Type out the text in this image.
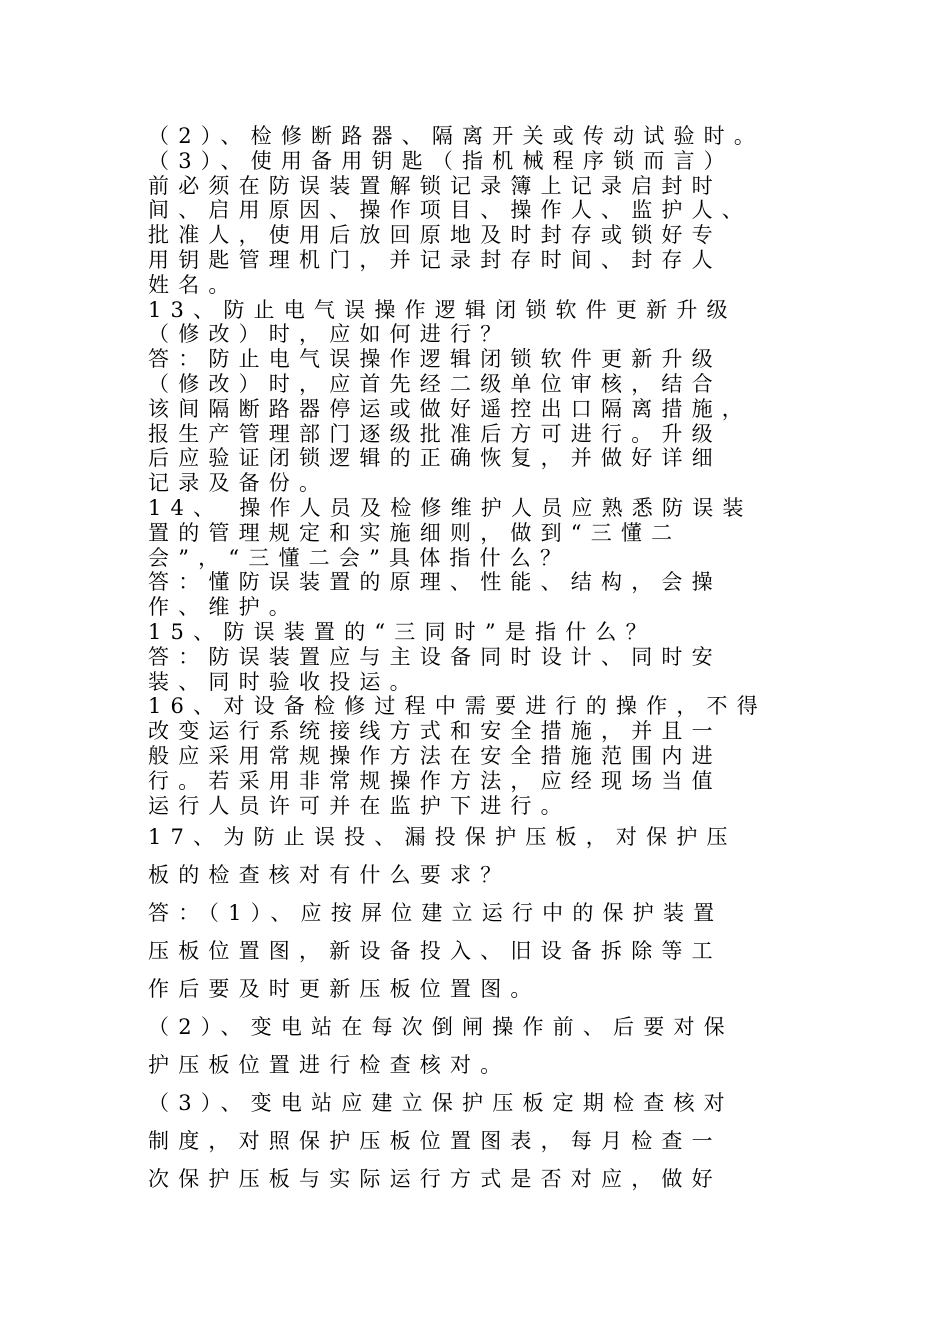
（2）、检修断路器、隔离开关或传动试验时。
（3）、使用备用钥匙（指机械程序锁而言）
前必须在防误装置解锁记录簿上记录启封时
间、启用原因、操作项目、操作人、监护人、
批准人，使用后放回原地及时封存或锁好专
用钥匙管理机门，并记录封存时间、封存人
姓名。
13、防止电气误操作逻辑闭锁软件更新升级
（修改）时，应如何进行？
答：防止电气误操作逻辑闭锁软件更新升级
（修改）时，应首先经二级单位审核，结合
该间隔断路器停运或做好遥控出口隔离措施，
报生产管理部门逐级批准后方可进行。升级
后应验证闭锁逻辑的正确恢复，并做好详细
记录及备份。
14、 操作人员及检修维护人员应熟悉防误装
置的管理规定和实施细则，做到“三懂二
会”，“三懂二会”具体指什么？
答：懂防误装置的原理、性能、结构，会操
作、维护。
15、防误装置的“三同时”是指什么？
答：防误装置应与主设备同时设计、同时安
装、同时验收投运。
16、对设备检修过程中需要进行的操作，不得
改变运行系统接线方式和安全措施，并且一
般应采用常规操作方法在安全措施范围内进
行。若采用非常规操作方法，应经现场当值
运行人员许可并在监护下进行。
17、为防止误投、漏投保护压板，对保护压
板的检查核对有什么要求？
答：（1）、应按屏位建立运行中的保护装置
压板位置图，新设备投入、旧设备拆除等工
作后要及时更新压板位置图。
（2）、变电站在每次倒闸操作前、后要对保
护压板位置进行检查核对。
（3）、变电站应建立保护压板定期检查核对
制度，对照保护压板位置图表，每月检查一
次保护压板与实际运行方式是否对应，做好
